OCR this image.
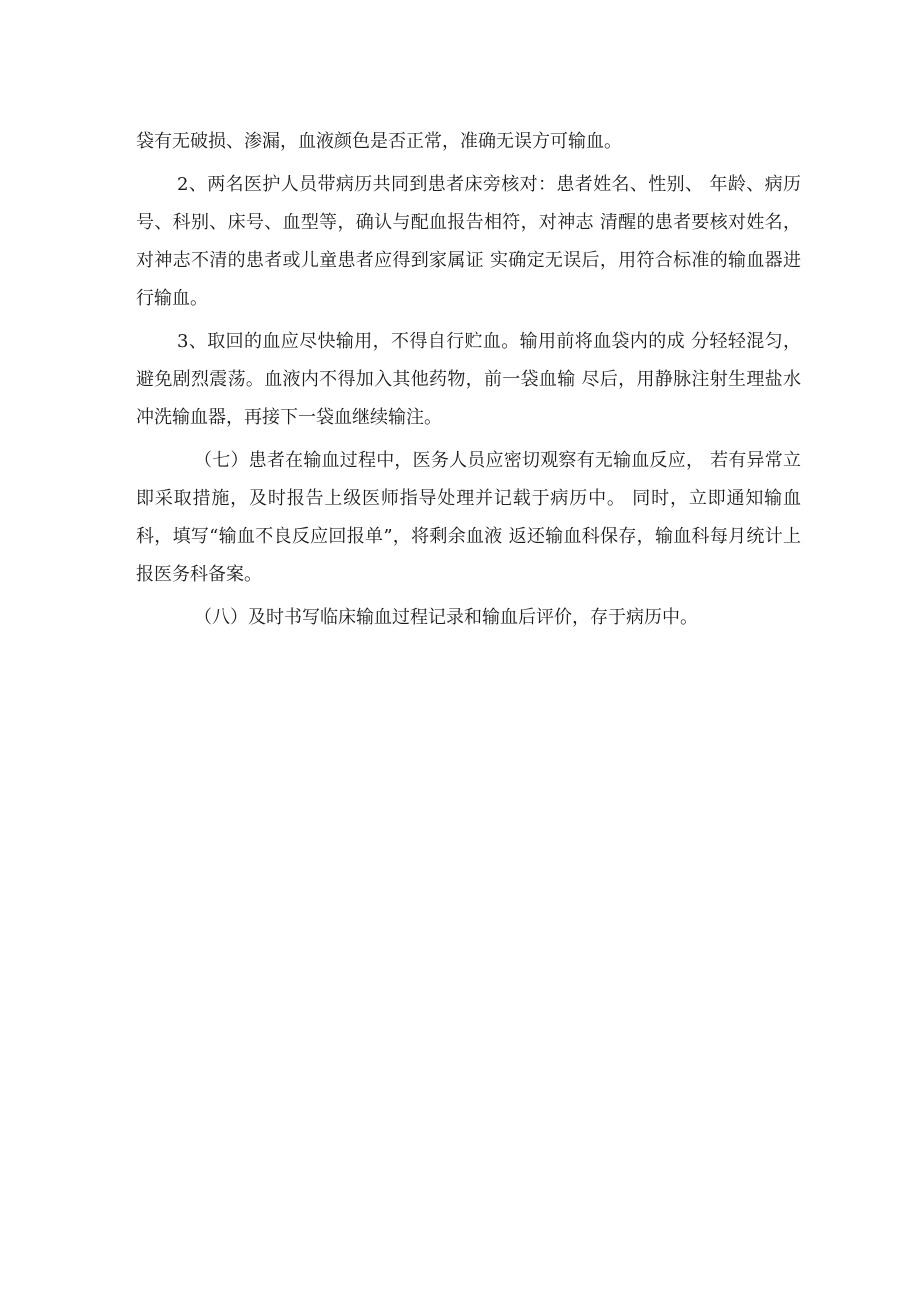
袋有无破损、渗漏，血液颜色是否正常，准确无误方可输血。

2、两名医护人员带病历共同到患者床旁核对：患者姓名、性别、 年龄、病历号、科别、床号、血型等，确认与配血报告相符，对神志 清醒的患者要核对姓名，对神志不清的患者或儿童患者应得到家属证 实确定无误后，用符合标准的输血器进行输血。

3、取回的血应尽快输用，不得自行贮血。输用前将血袋内的成 分轻轻混匀，避免剧烈震荡。血液内不得加入其他药物，前一袋血输 尽后，用静脉注射生理盐水冲洗输血器，再接下一袋血继续输注。

（七）患者在输血过程中，医务人员应密切观察有无输血反应， 若有异常立即采取措施，及时报告上级医师指导处理并记载于病历中。 同时，立即通知输血科，填写“输血不良反应回报单”，将剩余血液 返还输血科保存，输血科每月统计上报医务科备案。

（八）及时书写临床输血过程记录和输血后评价，存于病历中。
